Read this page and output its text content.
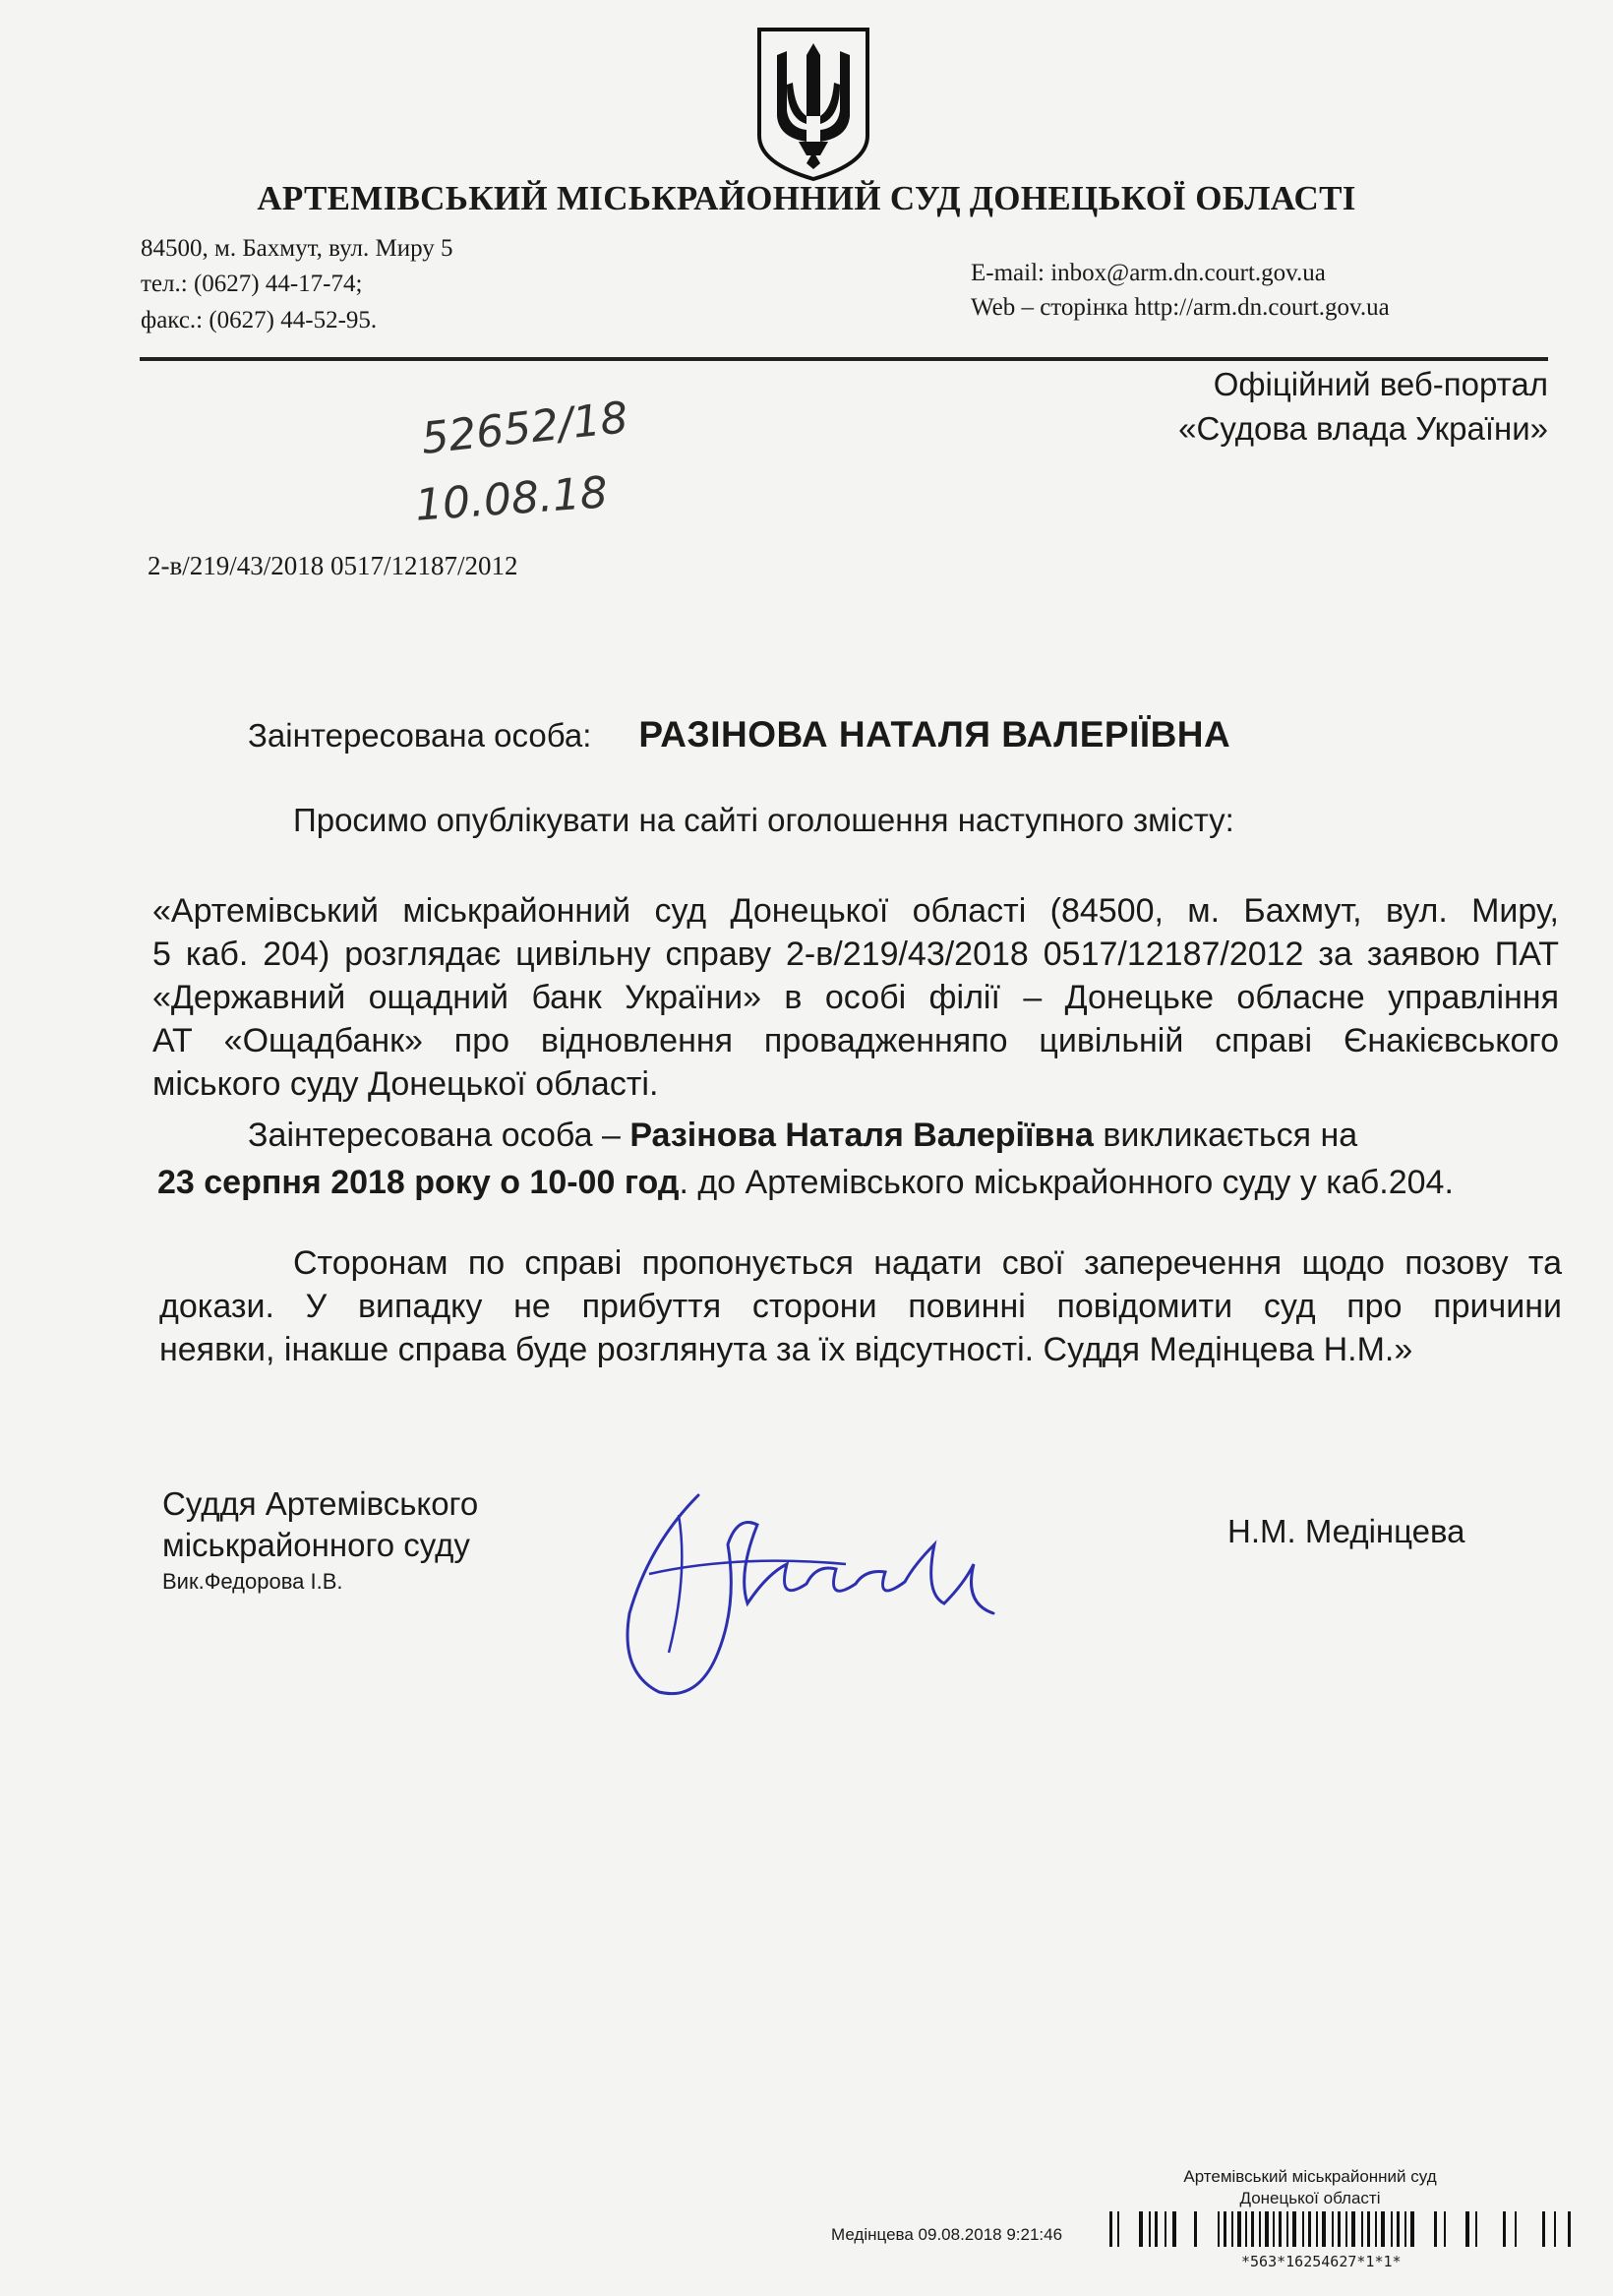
АРТЕМІВСЬКИЙ МІСЬКРАЙОННИЙ СУД ДОНЕЦЬКОЇ ОБЛАСТІ
84500, м. Бахмут, вул. Миру 5
тел.: (0627) 44-17-74;
факс.: (0627) 44-52-95.
E-mail: inbox@arm.dn.court.gov.ua
Web – сторінка http://arm.dn.court.gov.ua
Офіційний веб-портал
«Судова влада України»
52652/18
10.08.18
2-в/219/43/2018 0517/12187/2012
Заінтересована особа: РАЗІНОВА НАТАЛЯ ВАЛЕРІЇВНА
Просимо опублікувати на сайті оголошення наступного змісту:
«Артемівський міськрайонний суд Донецької області (84500, м. Бахмут, вул. Миру,
5 каб. 204) розглядає цивільну справу 2-в/219/43/2018 0517/12187/2012 за заявою ПАТ
«Державний ощадний банк України» в особі філії – Донецьке обласне управління
АТ «Ощадбанк» про відновлення провадженняпо цивільній справі Єнакієвського
міського суду Донецької області.
Заінтересована особа – Разінова Наталя Валеріївна викликається на
23 серпня 2018 року о 10-00 год. до Артемівського міськрайонного суду у каб.204.
Сторонам по справі пропонується надати свої заперечення щодо позову та
докази. У випадку не прибуття сторони повинні повідомити суд про причини
неявки, інакше справа буде розглянута за їх відсутності. Суддя Медінцева Н.М.»
Суддя Артемівського
міськрайонного суду
Вик.Федорова І.В.
Н.М. Медінцева
Артемівський міськрайонний суд
Донецької області
Медінцева 09.08.2018 9:21:46
*563*16254627*1*1*
